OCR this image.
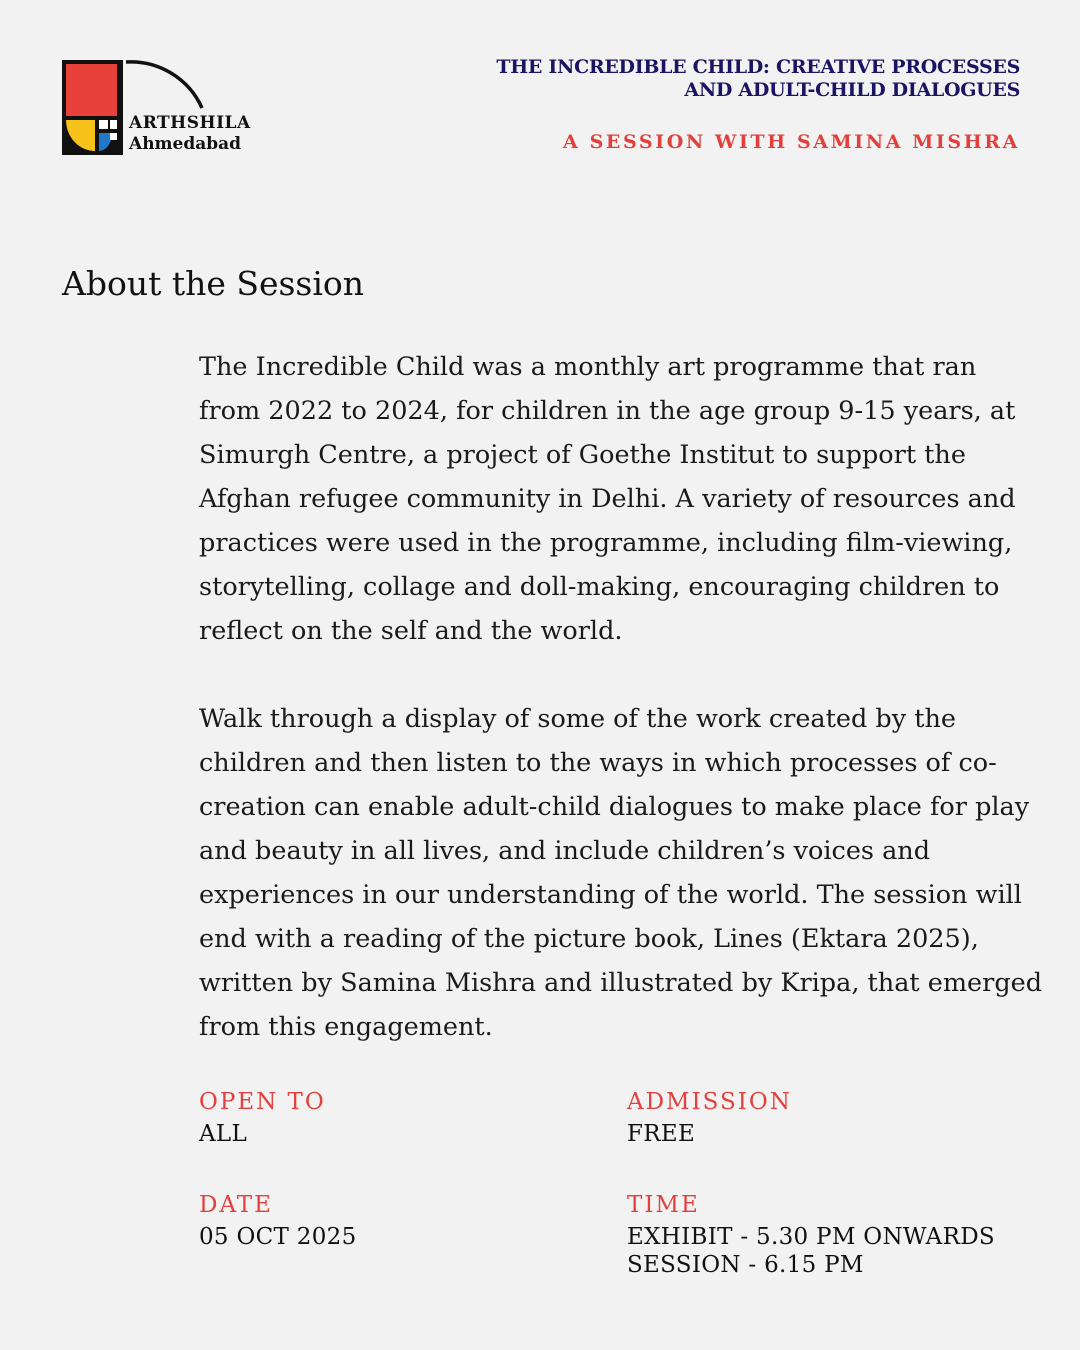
ARTHSHILA
Ahmedabad
THE INCREDIBLE CHILD: CREATIVE PROCESSES
AND ADULT-CHILD DIALOGUES
A SESSION WITH SAMINA MISHRA
About the Session
The Incredible Child was a monthly art programme that ran
from 2022 to 2024, for children in the age group 9-15 years, at
Simurgh Centre, a project of Goethe Institut to support the
Afghan refugee community in Delhi. A variety of resources and
practices were used in the programme, including film-viewing,
storytelling, collage and doll-making, encouraging children to
reflect on the self and the world.
Walk through a display of some of the work created by the
children and then listen to the ways in which processes of co-
creation can enable adult-child dialogues to make place for play
and beauty in all lives, and include children’s voices and
experiences in our understanding of the world. The session will
end with a reading of the picture book, Lines (Ektara 2025),
written by Samina Mishra and illustrated by Kripa, that emerged
from this engagement.
OPEN TO
ALL
ADMISSION
FREE
DATE
05 OCT 2025
TIME
EXHIBIT - 5.30 PM ONWARDS
SESSION - 6.15 PM
